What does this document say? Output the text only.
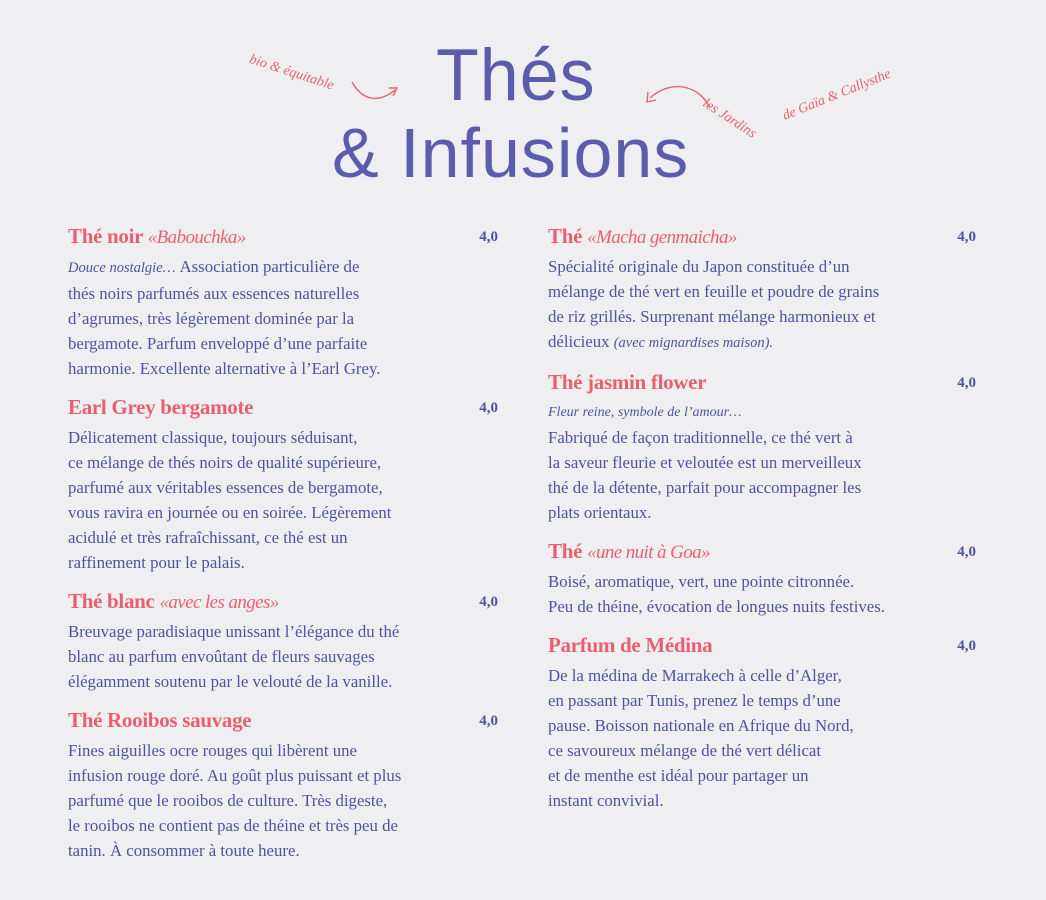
bio & équitable
les Jardins de Gaïa & Callysthe
Thés
& Infusions
Thé noir «Babouchka»	4,0
Douce nostalgie… Association particulière de
thés noirs parfumés aux essences naturelles
d’agrumes, très légèrement dominée par la
bergamote. Parfum enveloppé d’une parfaite
harmonie. Excellente alternative à l’Earl Grey.
Earl Grey bergamote	4,0
Délicatement classique, toujours séduisant,
ce mélange de thés noirs de qualité supérieure,
parfumé aux véritables essences de bergamote,
vous ravira en journée ou en soirée. Légèrement
acidulé et très rafraîchissant, ce thé est un
raffinement pour le palais.
Thé blanc «avec les anges»	4,0
Breuvage paradisiaque unissant l’élégance du thé
blanc au parfum envoûtant de fleurs sauvages
élégamment soutenu par le velouté de la vanille.
Thé Rooibos sauvage	4,0
Fines aiguilles ocre rouges qui libèrent une
infusion rouge doré. Au goût plus puissant et plus
parfumé que le rooibos de culture. Très digeste,
le rooibos ne contient pas de théine et très peu de
tanin. À consommer à toute heure.
Thé «Macha genmaicha»	4,0
Spécialité originale du Japon constituée d’un
mélange de thé vert en feuille et poudre de grains
de riz grillés. Surprenant mélange harmonieux et
délicieux (avec mignardises maison).
Thé jasmin flower	4,0
Fleur reine, symbole de l’amour…
Fabriqué de façon traditionnelle, ce thé vert à
la saveur fleurie et veloutée est un merveilleux
thé de la détente, parfait pour accompagner les
plats orientaux.
Thé «une nuit à Goa»	4,0
Boisé, aromatique, vert, une pointe citronnée.
Peu de théine, évocation de longues nuits festives.
Parfum de Médina	4,0
De la médina de Marrakech à celle d’Alger,
en passant par Tunis, prenez le temps d’une
pause. Boisson nationale en Afrique du Nord,
ce savoureux mélange de thé vert délicat
et de menthe est idéal pour partager un
instant convivial.
